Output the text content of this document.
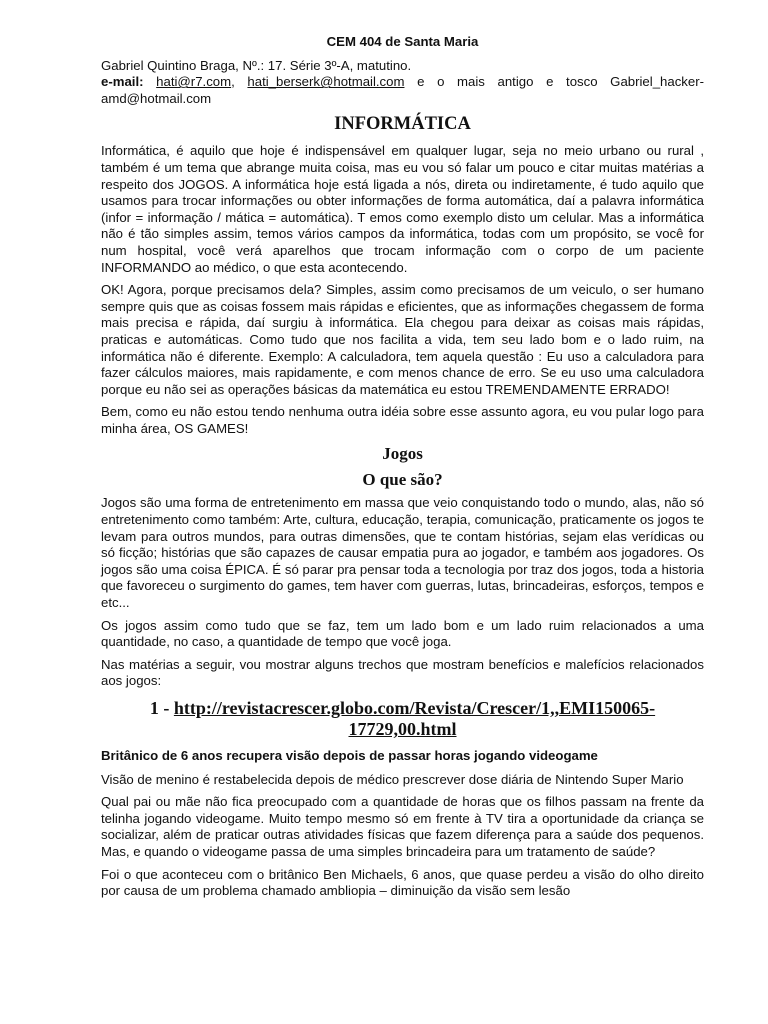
CEM 404 de Santa Maria

Gabriel Quintino Braga, Nº.: 17. Série 3º-A, matutino.

e-mail: hati@r7.com, hati_berserk@hotmail.com e o mais antigo e tosco Gabriel_hacker-amd@hotmail.com

INFORMÁTICA

Informática, é aquilo que hoje é indispensável em qualquer lugar, seja no meio urbano ou rural , também é um tema que abrange muita coisa, mas eu vou só falar um pouco e citar muitas matérias a respeito dos JOGOS. A informática hoje está ligada a nós, direta ou indiretamente, é tudo aquilo que usamos para trocar informações ou obter informações de forma automática, daí a palavra informática (infor = informação / mática = automática). T emos como exemplo disto um celular. Mas a informática não é tão simples assim, temos vários campos da informática, todas com um propósito, se você for num hospital, você verá aparelhos que trocam informação com o corpo de um paciente INFORMANDO ao médico, o que esta acontecendo.

OK! Agora, porque precisamos dela? Simples, assim como precisamos de um veiculo, o ser humano sempre quis que as coisas fossem mais rápidas e eficientes, que as informações chegassem de forma mais precisa e rápida, daí surgiu à informática. Ela chegou para deixar as coisas mais rápidas, praticas e automáticas. Como tudo que nos facilita a vida, tem seu lado bom e o lado ruim, na informática não é diferente. Exemplo: A calculadora, tem aquela questão : Eu uso a calculadora para fazer cálculos maiores, mais rapidamente, e com menos chance de erro. Se eu uso uma calculadora porque eu não sei as operações básicas da matemática eu estou TREMENDAMENTE ERRADO!

Bem, como eu não estou tendo nenhuma outra idéia sobre esse assunto agora, eu vou pular logo para minha área, OS GAMES!

Jogos
O que são?

Jogos são uma forma de entretenimento em massa que veio conquistando todo o mundo, alas, não só entretenimento como também: Arte, cultura, educação, terapia, comunicação, praticamente os jogos te levam para outros mundos, para outras dimensões, que te contam histórias, sejam elas verídicas ou só ficção; histórias que são capazes de causar empatia pura ao jogador, e também aos jogadores. Os jogos são uma coisa ÉPICA. É só parar pra pensar toda a tecnologia por traz dos jogos, toda a historia que favoreceu o surgimento do games, tem haver com guerras, lutas, brincadeiras, esforços, tempos e etc...

Os jogos assim como tudo que se faz, tem um lado bom e um lado ruim relacionados a uma quantidade, no caso, a quantidade de tempo que você joga.

Nas matérias a seguir, vou mostrar alguns trechos que mostram benefícios e malefícios relacionados aos jogos:

1 - http://revistacrescer.globo.com/Revista/Crescer/1,,EMI150065-17729,00.html

Britânico de 6 anos recupera visão depois de passar horas jogando videogame

Visão de menino é restabelecida depois de médico prescrever dose diária de Nintendo Super Mario

Qual pai ou mãe não fica preocupado com a quantidade de horas que os filhos passam na frente da telinha jogando videogame. Muito tempo mesmo só em frente à TV tira a oportunidade da criança se socializar, além de praticar outras atividades físicas que fazem diferença para a saúde dos pequenos. Mas, e quando o videogame passa de uma simples brincadeira para um tratamento de saúde?

Foi o que aconteceu com o britânico Ben Michaels, 6 anos, que quase perdeu a visão do olho direito por causa de um problema chamado ambliopia – diminuição da visão sem lesão
